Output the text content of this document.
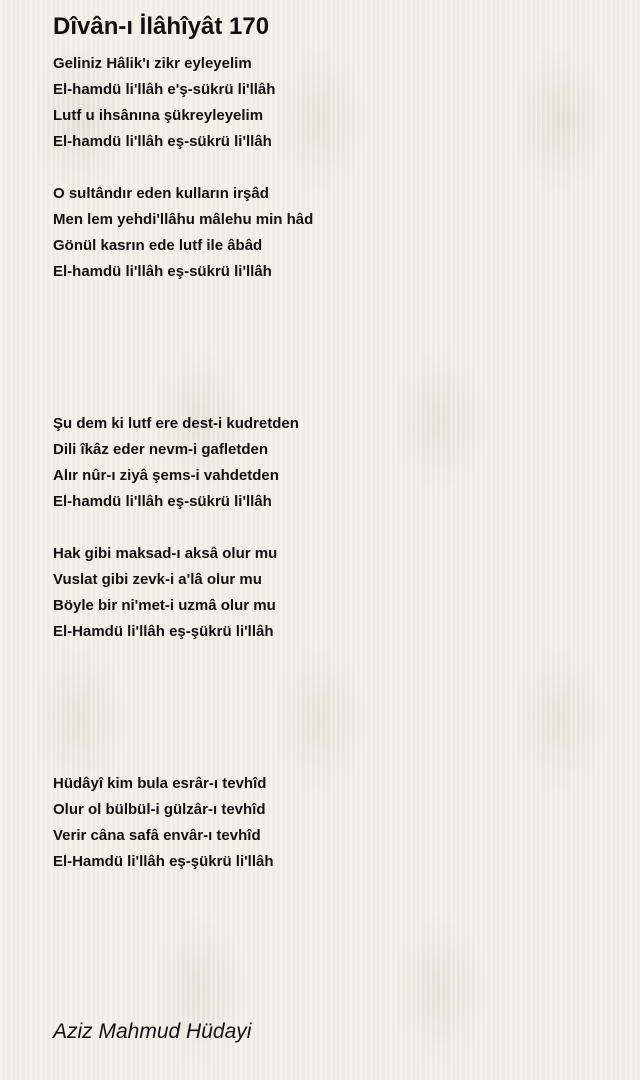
Dîvân-ı İlâhîyât 170
Geliniz Hâlik'ı zikr eyleyelim
El-hamdü li'llâh e'ş-sükrü li'llâh
Lutf u ihsânına şükreyleyelim
El-hamdü li'llâh eş-sükrü li'llâh
O sultândır eden kulların irşâd
Men lem yehdi'llâhu mâlehu min hâd
Gönül kasrın ede lutf ile âbâd
El-hamdü li'llâh eş-sükrü li'llâh
Şu dem ki lutf ere dest-i kudretden
Dili îkâz eder nevm-i gafletden
Alır nûr-ı ziyâ şems-i vahdetden
El-hamdü li'llâh eş-sükrü li'llâh
Hak gibi maksad-ı aksâ olur mu
Vuslat gibi zevk-i a'lâ olur mu
Böyle bir ni'met-i uzmâ olur mu
El-Hamdü li'llâh eş-şükrü li'llâh
Hüdâyî kim bula esrâr-ı tevhîd
Olur ol bülbül-i gülzâr-ı tevhîd
Verir câna safâ envâr-ı tevhîd
El-Hamdü li'llâh eş-şükrü li'llâh

Aziz Mahmud Hüdayi
